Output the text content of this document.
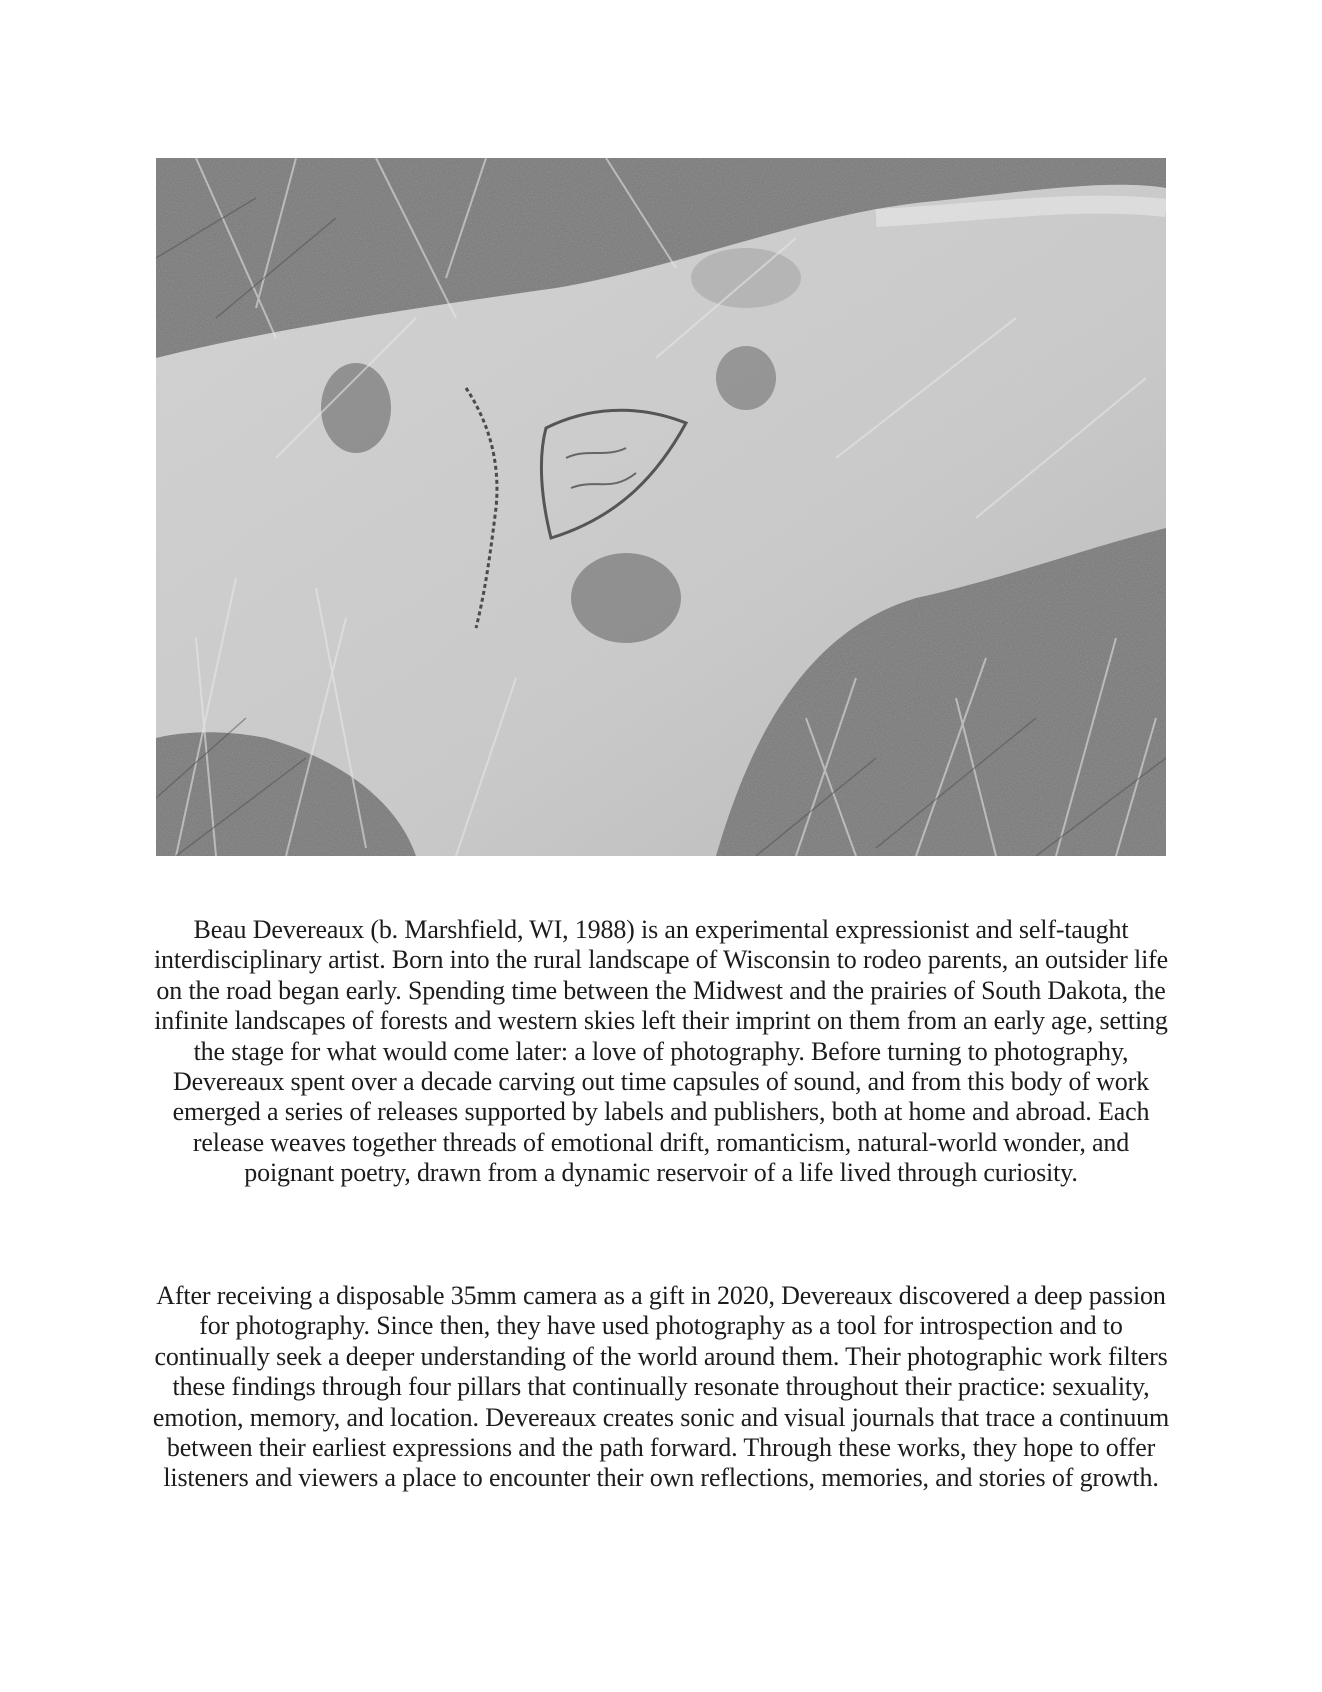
Beau Devereaux (b. Marshfield, WI, 1988) is an experimental expressionist and self-taught interdisciplinary artist. Born into the rural landscape of Wisconsin to rodeo parents, an outsider life on the road began early. Spending time between the Midwest and the prairies of South Dakota, the infinite landscapes of forests and western skies left their imprint on them from an early age, setting the stage for what would come later: a love of photography. Before turning to photography, Devereaux spent over a decade carving out time capsules of sound, and from this body of work emerged a series of releases supported by labels and publishers, both at home and abroad. Each release weaves together threads of emotional drift, romanticism, natural-world wonder, and poignant poetry, drawn from a dynamic reservoir of a life lived through curiosity.

After receiving a disposable 35mm camera as a gift in 2020, Devereaux discovered a deep passion for photography. Since then, they have used photography as a tool for introspection and to continually seek a deeper understanding of the world around them. Their photographic work filters these findings through four pillars that continually resonate throughout their practice: sexuality, emotion, memory, and location. Devereaux creates sonic and visual journals that trace a continuum between their earliest expressions and the path forward. Through these works, they hope to offer listeners and viewers a place to encounter their own reflections, memories, and stories of growth.
